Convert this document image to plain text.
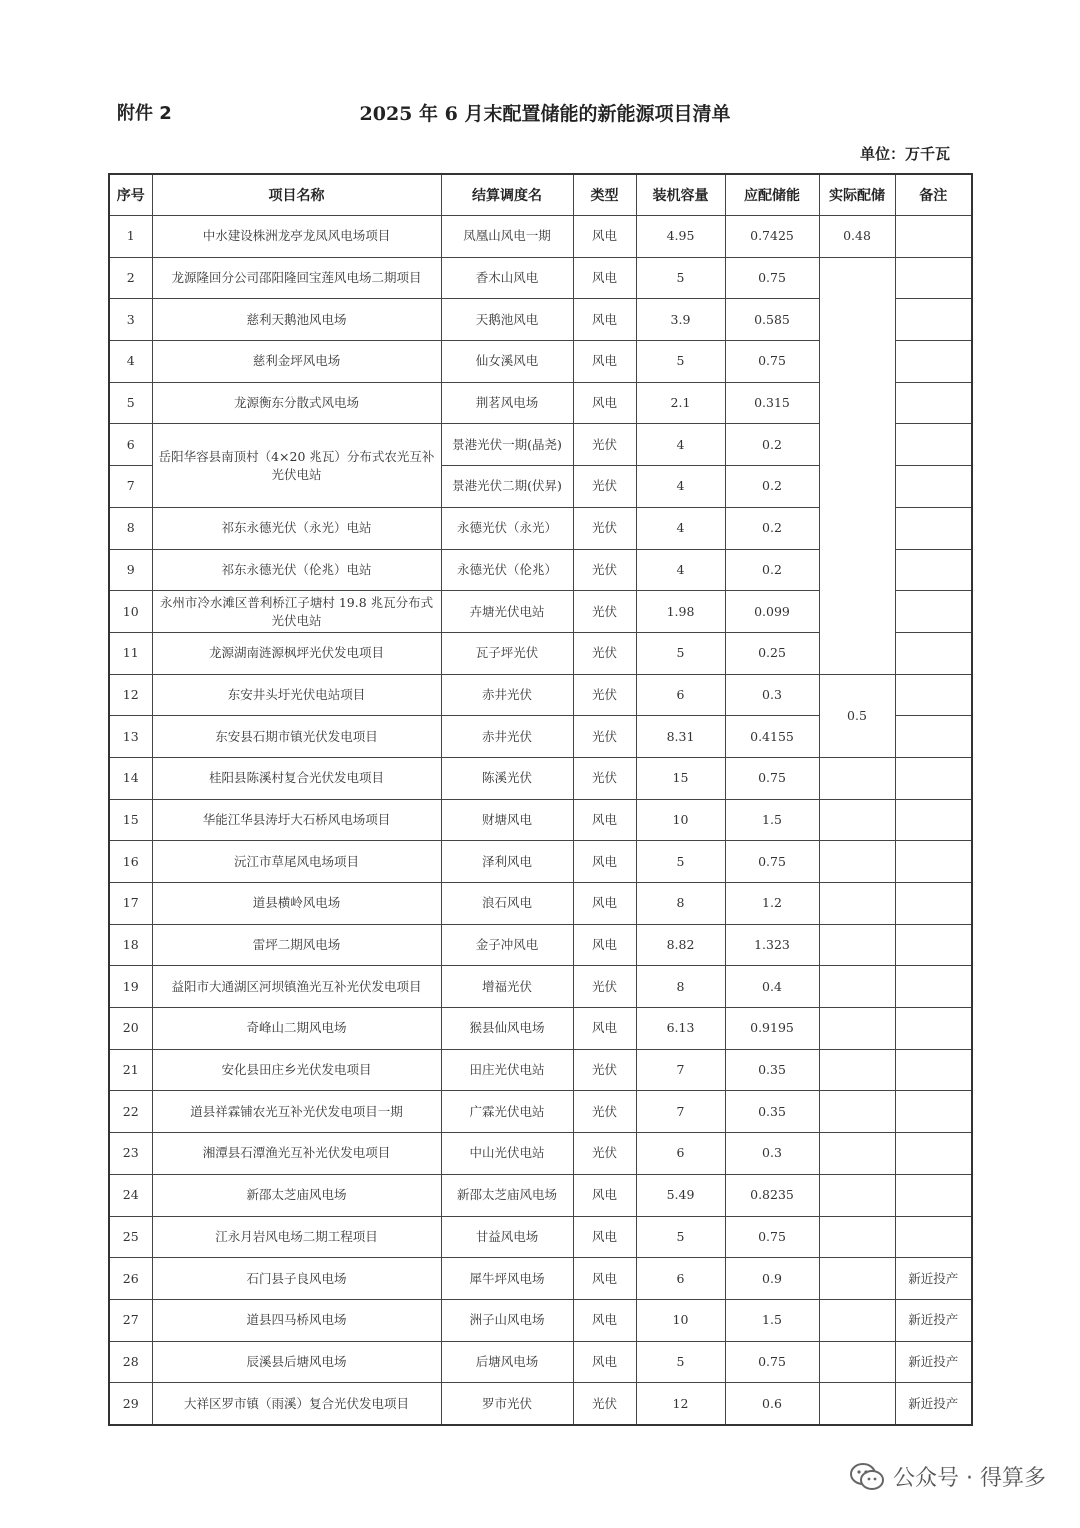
附件 2	2025 年 6 月末配置储能的新能源项目清单
单位：万千瓦
序号	项目名称	结算调度名	类型	装机容量	应配储能	实际配储	备注
1	中水建设株洲龙亭龙凤风电场项目	凤凰山风电一期	风电	4.95	0.7425	0.48	
2	龙源隆回分公司邵阳隆回宝莲风电场二期项目	香木山风电	风电	5	0.75		
3	慈利天鹅池风电场	天鹅池风电	风电	3.9	0.585		
4	慈利金坪风电场	仙女溪风电	风电	5	0.75		
5	龙源衡东分散式风电场	荆茗风电场	风电	2.1	0.315		
6	岳阳华容县南顶村（4×20 兆瓦）分布式农光互补光伏电站	景港光伏一期(晶尧)	光伏	4	0.2		
7		景港光伏二期(伏昇)	光伏	4	0.2		
8	祁东永德光伏（永光）电站	永德光伏（永光）	光伏	4	0.2		
9	祁东永德光伏（伦兆）电站	永德光伏（伦兆）	光伏	4	0.2		
10	永州市冷水滩区普利桥江子塘村 19.8 兆瓦分布式光伏电站	卉塘光伏电站	光伏	1.98	0.099		
11	龙源湖南涟源枫坪光伏发电项目	瓦子坪光伏	光伏	5	0.25		
12	东安井头圩光伏电站项目	赤井光伏	光伏	6	0.3	0.5	
13	东安县石期市镇光伏发电项目	赤井光伏	光伏	8.31	0.4155		
14	桂阳县陈溪村复合光伏发电项目	陈溪光伏	光伏	15	0.75		
15	华能江华县涛圩大石桥风电场项目	财塘风电	风电	10	1.5		
16	沅江市草尾风电场项目	泽利风电	风电	5	0.75		
17	道县横岭风电场	浪石风电	风电	8	1.2		
18	雷坪二期风电场	金子冲风电	风电	8.82	1.323		
19	益阳市大通湖区河坝镇渔光互补光伏发电项目	增福光伏	光伏	8	0.4		
20	奇峰山二期风电场	猴县仙风电场	风电	6.13	0.9195		
21	安化县田庄乡光伏发电项目	田庄光伏电站	光伏	7	0.35		
22	道县祥霖铺农光互补光伏发电项目一期	广霖光伏电站	光伏	7	0.35		
23	湘潭县石潭渔光互补光伏发电项目	中山光伏电站	光伏	6	0.3		
24	新邵太芝庙风电场	新邵太芝庙风电场	风电	5.49	0.8235		
25	江永月岩风电场二期工程项目	甘益风电场	风电	5	0.75		
26	石门县子良风电场	犀牛坪风电场	风电	6	0.9		新近投产
27	道县四马桥风电场	洲子山风电场	风电	10	1.5		新近投产
28	辰溪县后塘风电场	后塘风电场	风电	5	0.75		新近投产
29	大祥区罗市镇（雨溪）复合光伏发电项目	罗市光伏	光伏	12	0.6		新近投产
公众号 · 得算多
